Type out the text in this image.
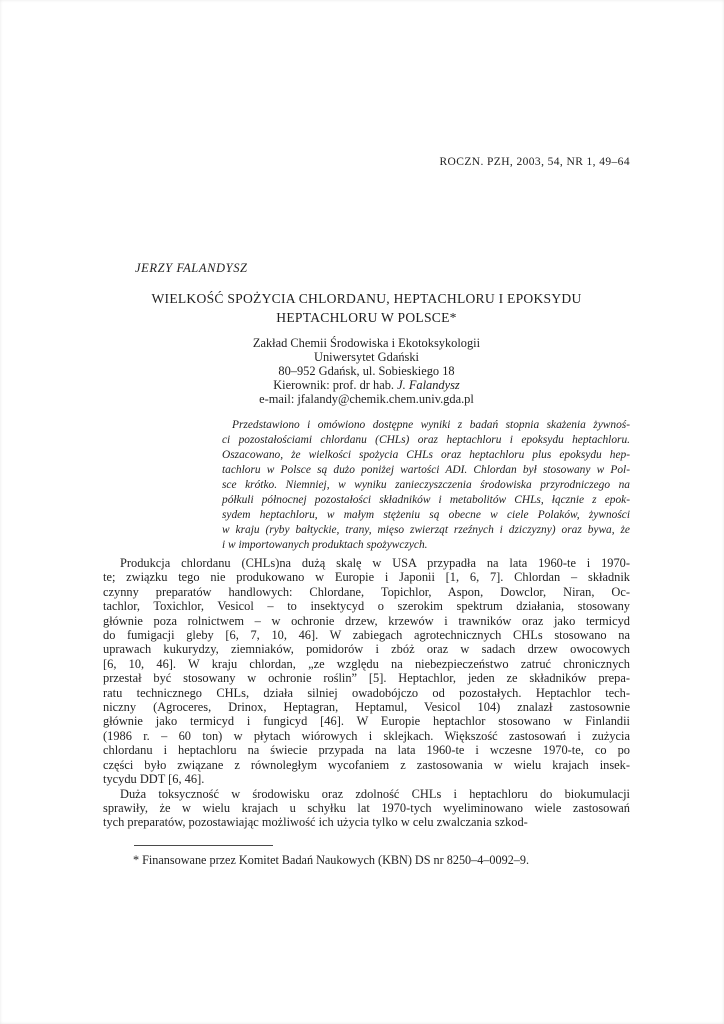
ROCZN. PZH, 2003, 54, NR 1, 49–64
JERZY FALANDYSZ
WIELKOŚĆ SPOŻYCIA CHLORDANU, HEPTACHLORU I EPOKSYDU
HEPTACHLORU W POLSCE*
Zakład Chemii Środowiska i Ekotoksykologii
Uniwersytet Gdański
80–952 Gdańsk, ul. Sobieskiego 18
Kierownik: prof. dr hab. J. Falandysz
e-mail: jfalandy@chemik.chem.univ.gda.pl
Przedstawiono i omówiono dostępne wyniki z badań stopnia skażenia żywnoś-
ci pozostałościami chlordanu (CHLs) oraz heptachloru i epoksydu heptachloru.
Oszacowano, że wielkości spożycia CHLs oraz heptachloru plus epoksydu hep-
tachloru w Polsce są dużo poniżej wartości ADI. Chlordan był stosowany w Pol-
sce krótko. Niemniej, w wyniku zanieczyszczenia środowiska przyrodniczego na
półkuli północnej pozostałości składników i metabolitów CHLs, łącznie z epok-
sydem heptachloru, w małym stężeniu są obecne w ciele Polaków, żywności
w kraju (ryby bałtyckie, trany, mięso zwierząt rzeźnych i dziczyzny) oraz bywa, że
i w importowanych produktach spożywczych.
Produkcja chlordanu (CHLs)na dużą skalę w USA przypadła na lata 1960-te i 1970-
te; związku tego nie produkowano w Europie i Japonii [1, 6, 7]. Chlordan – składnik
czynny preparatów handlowych: Chlordane, Topichlor, Aspon, Dowclor, Niran, Oc-
tachlor, Toxichlor, Vesicol – to insektycyd o szerokim spektrum działania, stosowany
głównie poza rolnictwem – w ochronie drzew, krzewów i trawników oraz jako termicyd
do fumigacji gleby [6, 7, 10, 46]. W zabiegach agrotechnicznych CHLs stosowano na
uprawach kukurydzy, ziemniaków, pomidorów i zbóż oraz w sadach drzew owocowych
[6, 10, 46]. W kraju chlordan, „ze względu na niebezpieczeństwo zatruć chronicznych
przestał być stosowany w ochronie roślin” [5]. Heptachlor, jeden ze składników prepa-
ratu technicznego CHLs, działa silniej owadobójczo od pozostałych. Heptachlor tech-
niczny (Agroceres, Drinox, Heptagran, Heptamul, Vesicol 104) znalazł zastosownie
głównie jako termicyd i fungicyd [46]. W Europie heptachlor stosowano w Finlandii
(1986 r. – 60 ton) w płytach wiórowych i sklejkach. Większość zastosowań i zużycia
chlordanu i heptachloru na świecie przypada na lata 1960-te i wczesne 1970-te, co po
części było związane z równoległym wycofaniem z zastosowania w wielu krajach insek-
tycydu DDT [6, 46].
Duża toksyczność w środowisku oraz zdolność CHLs i heptachloru do biokumulacji
sprawiły, że w wielu krajach u schyłku lat 1970-tych wyeliminowano wiele zastosowań
tych preparatów, pozostawiając możliwość ich użycia tylko w celu zwalczania szkod-
* Finansowane przez Komitet Badań Naukowych (KBN) DS nr 8250–4–0092–9.
